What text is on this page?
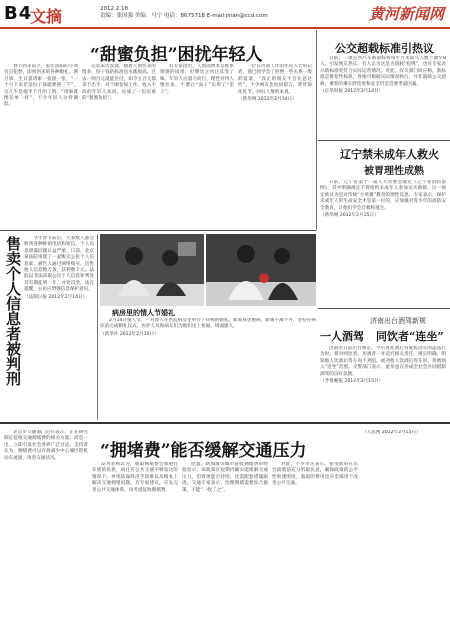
B4
文摘	2012.2.18
责编：张国强 美编：马宁 电话：8675718 E-mail:jinan@ccd.com	黄河新闻网
“甜蜜负担”困扰年轻人

春节到来前夕，家住洛阳的小刘有点犯愁，即将到来的各种婚礼、满月酒、生日宴请柬一张接一张，“一个月下来光是份子钱就要两三千”，这几乎是他半个月的工资。“请柬就像罚单一样”，不少年轻人这样调侃。

记者采访发现，随着人情往来的增多，份子钱的标准也水涨船高。过去一两百元就能应付，如今五百元都拿不出手。对于刚参加工作、收入不高的年轻人来说，这成了一份沉重的“甜蜜负担”。

有专家指出，人情消费本是维系情感的纽带，但攀比之风让其变了味。年轻人应量力而行，理性对待人情往来，不要让“面子”压垮了“里子”。

一位在济南工作的年轻人告诉记者，他已经学会了拒绝一些关系一般的宴请，“真正的朋友不会在意这些”。不少网友也纷纷留言，呼吁简化礼节，回归人情的本真。

（新华网 2012年2月14日）
公交超载标准引热议

日前，一项公共汽车新国标将每平方米站立人数上调至8人，引发网友热议。有人认为这是为超载“松绑”，也有专家表示新标准更符合实际运营情况。对此，有关部门回应称，新标准是推荐性标准，各地可根据实际情况执行，并非鼓励公交超载，乘客的乘车舒适度和安全仍是首要考虑因素。

（京华时报 2012年2月14日）
辽宁禁未成年人救火
被胃理性成熟

日前，辽宁省第十一届人大常委会通过《辽宁省消防条例》，其中明确规定不得组织未成年人参加灭火救援。这一规定被认为是对传统“小英雄”教育的理性反思。专家表示，保护未成年人的生命安全才是第一位的，应加强对青少年的消防安全教育，让他们学会自救和逃生。

（新华网 2012年2月15日）
济南出台酒驾新规
一人酒驾 同饮者“连坐”

济南市日前出台规定，今后查处酒后驾驶机动车的违法行为时，将对同饮者、劝酒者一并追究相关责任。规定明确，明知他人饮酒后驾车而不劝阻，或劝他人饮酒后驾车的，将被纳入“连坐”范围。交警部门表示，此举意在形成全社会共同抵制酒驾的良好氛围。

（齐鲁晚报 2012年2月15日）
售卖个人信息者被判刑	今年春节前后，大多数人都会收到各种推销电话和短信，个人信息泄露问题日益严重。日前，北京某法院审理了一起贩卖公民个人信息案，被告人通过网络购买、出售他人信息数万条，获利数千元。法院以非法获取公民个人信息罪判处其有期徒刑一年，并处罚金。法官提醒，公民应增强信息保护意识。

（法制日报 2012年2月14日）
病房里的情人节婚礼

2月14日情人节，一对新人在医院病房里举行了特殊的婚礼。新郎身患重病，新娘不离不弃，坚持在病床前完成婚礼仪式。医护人员和病友们为他们送上祝福，场面感人。

（新华社 2012年2月15日）
“拥堵费”能否缓解交通压力

北京市交通部门近日表示，正在研究制定征收交通拥堵费的相关方案。消息一出，立即引发社会各界广泛讨论。支持者认为，拥堵费可以有效减少中心城区的机动车流量，改善交通状况。

反对者则认为，收取拥堵费会加重有车族的负担，而且在公共交通不够发达的情况下，单纯依靠经济手段难以从根本上解决交通拥堵问题。有专家建议，应先完善公共交通体系，再考虑征收拥堵费。

伦敦、新加坡等城市征收拥堵费的经验显示，该政策在短期内确实能缓解交通压力，但效果能否持续，还需配套措施跟进。交通专家表示，治理拥堵需要综合施策，不能“一收了之”。

对此，不少市民表示，希望政府在出台政策前充分听取民意，确保政策的公平性和透明度，收取的费用也应全部用于改善公共交通。

（人民网 2012年2月15日）
